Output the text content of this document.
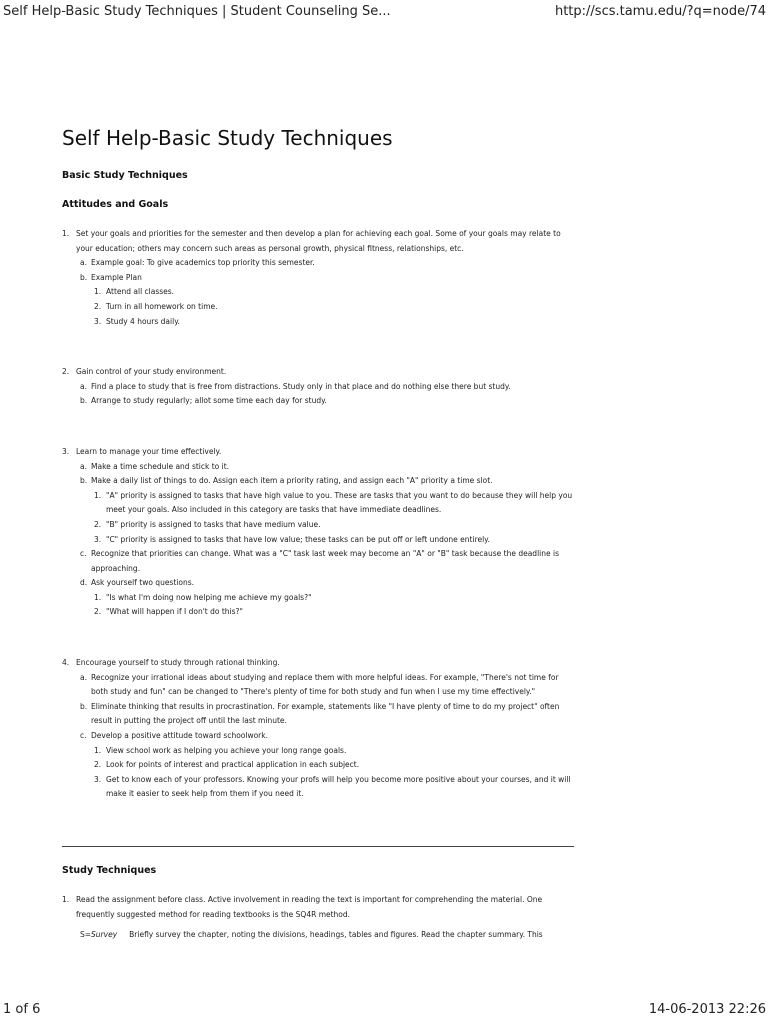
Self Help-Basic Study Techniques | Student Counseling Se...	http://scs.tamu.edu/?q=node/74
Self Help-Basic Study Techniques
Basic Study Techniques
Attitudes and Goals
1. Set your goals and priorities for the semester and then develop a plan for achieving each goal. Some of your goals may relate to your education; others may concern such areas as personal growth, physical fitness, relationships, etc.
a. Example goal: To give academics top priority this semester.
b. Example Plan
1. Attend all classes.
2. Turn in all homework on time.
3. Study 4 hours daily.
2. Gain control of your study environment.
a. Find a place to study that is free from distractions. Study only in that place and do nothing else there but study.
b. Arrange to study regularly; allot some time each day for study.
3. Learn to manage your time effectively.
a. Make a time schedule and stick to it.
b. Make a daily list of things to do. Assign each item a priority rating, and assign each "A" priority a time slot.
1. "A" priority is assigned to tasks that have high value to you. These are tasks that you want to do because they will help you meet your goals. Also included in this category are tasks that have immediate deadlines.
2. "B" priority is assigned to tasks that have medium value.
3. "C" priority is assigned to tasks that have low value; these tasks can be put off or left undone entirely.
c. Recognize that priorities can change. What was a "C" task last week may become an "A" or "B" task because the deadline is approaching.
d. Ask yourself two questions.
1. "Is what I'm doing now helping me achieve my goals?"
2. "What will happen if I don't do this?"
4. Encourage yourself to study through rational thinking.
a. Recognize your irrational ideas about studying and replace them with more helpful ideas. For example, "There's not time for both study and fun" can be changed to "There's plenty of time for both study and fun when I use my time effectively."
b. Eliminate thinking that results in procrastination. For example, statements like "I have plenty of time to do my project" often result in putting the project off until the last minute.
c. Develop a positive attitude toward schoolwork.
1. View school work as helping you achieve your long range goals.
2. Look for points of interest and practical application in each subject.
3. Get to know each of your professors. Knowing your profs will help you become more positive about your courses, and it will make it easier to seek help from them if you need it.
Study Techniques
1. Read the assignment before class. Active involvement in reading the text is important for comprehending the material. One frequently suggested method for reading textbooks is the SQ4R method.
S=Survey Briefly survey the chapter, noting the divisions, headings, tables and figures. Read the chapter summary. This
1 of 6	14-06-2013 22:26
